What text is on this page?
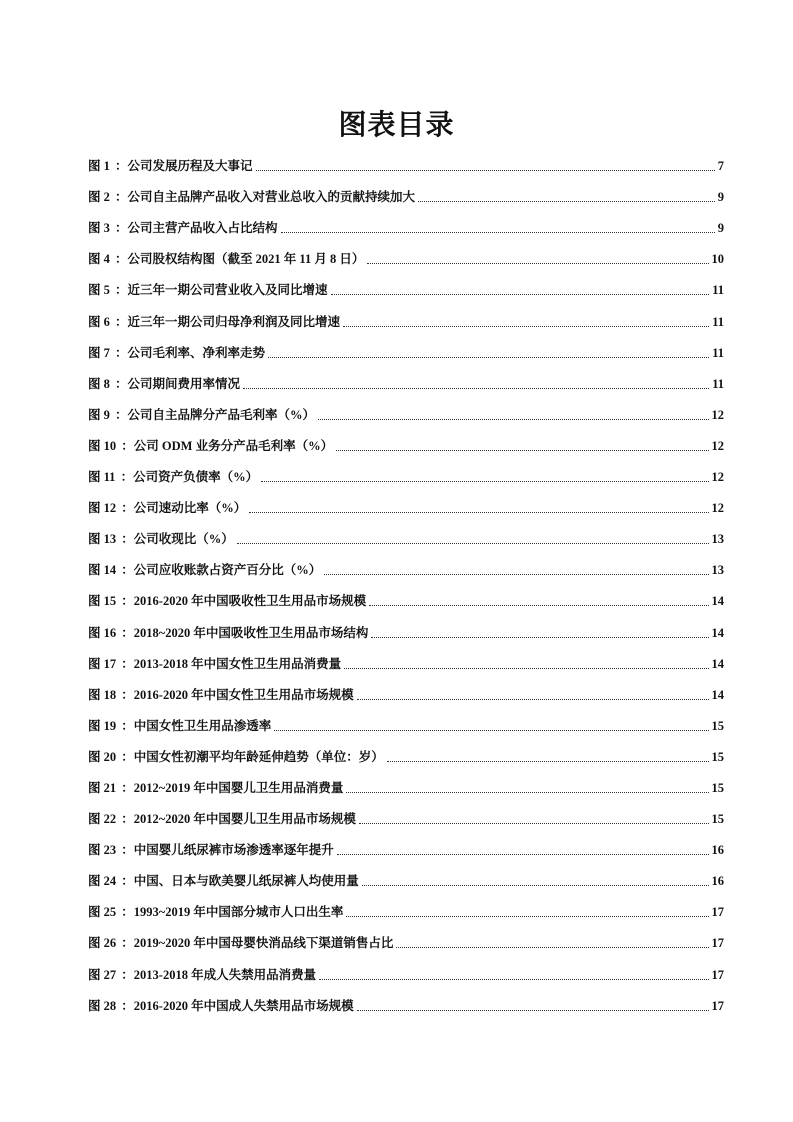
图表目录
图 1 ：公司发展历程及大事记	7
图 2 ：公司自主品牌产品收入对营业总收入的贡献持续加大	9
图 3 ：公司主营产品收入占比结构	9
图 4 ：公司股权结构图（截至 2021 年 11 月 8 日）	10
图 5 ：近三年一期公司营业收入及同比增速	11
图 6 ：近三年一期公司归母净利润及同比增速	11
图 7 ：公司毛利率、净利率走势	11
图 8 ：公司期间费用率情况	11
图 9 ：公司自主品牌分产品毛利率（%）	12
图 10 ：公司 ODM 业务分产品毛利率（%）	12
图 11 ：公司资产负债率（%）	12
图 12 ：公司速动比率（%）	12
图 13 ：公司收现比（%）	13
图 14 ：公司应收账款占资产百分比（%）	13
图 15 ：2016-2020 年中国吸收性卫生用品市场规模	14
图 16 ：2018~2020 年中国吸收性卫生用品市场结构	14
图 17 ：2013-2018 年中国女性卫生用品消费量	14
图 18 ：2016-2020 年中国女性卫生用品市场规模	14
图 19 ：中国女性卫生用品渗透率	15
图 20 ：中国女性初潮平均年龄延伸趋势（单位：岁）	15
图 21 ：2012~2019 年中国婴儿卫生用品消费量	15
图 22 ：2012~2020 年中国婴儿卫生用品市场规模	15
图 23 ：中国婴儿纸尿裤市场渗透率逐年提升	16
图 24 ：中国、日本与欧美婴儿纸尿裤人均使用量	16
图 25 ：1993~2019 年中国部分城市人口出生率	17
图 26 ：2019~2020 年中国母婴快消品线下渠道销售占比	17
图 27 ：2013-2018 年成人失禁用品消费量	17
图 28 ：2016-2020 年中国成人失禁用品市场规模	17
